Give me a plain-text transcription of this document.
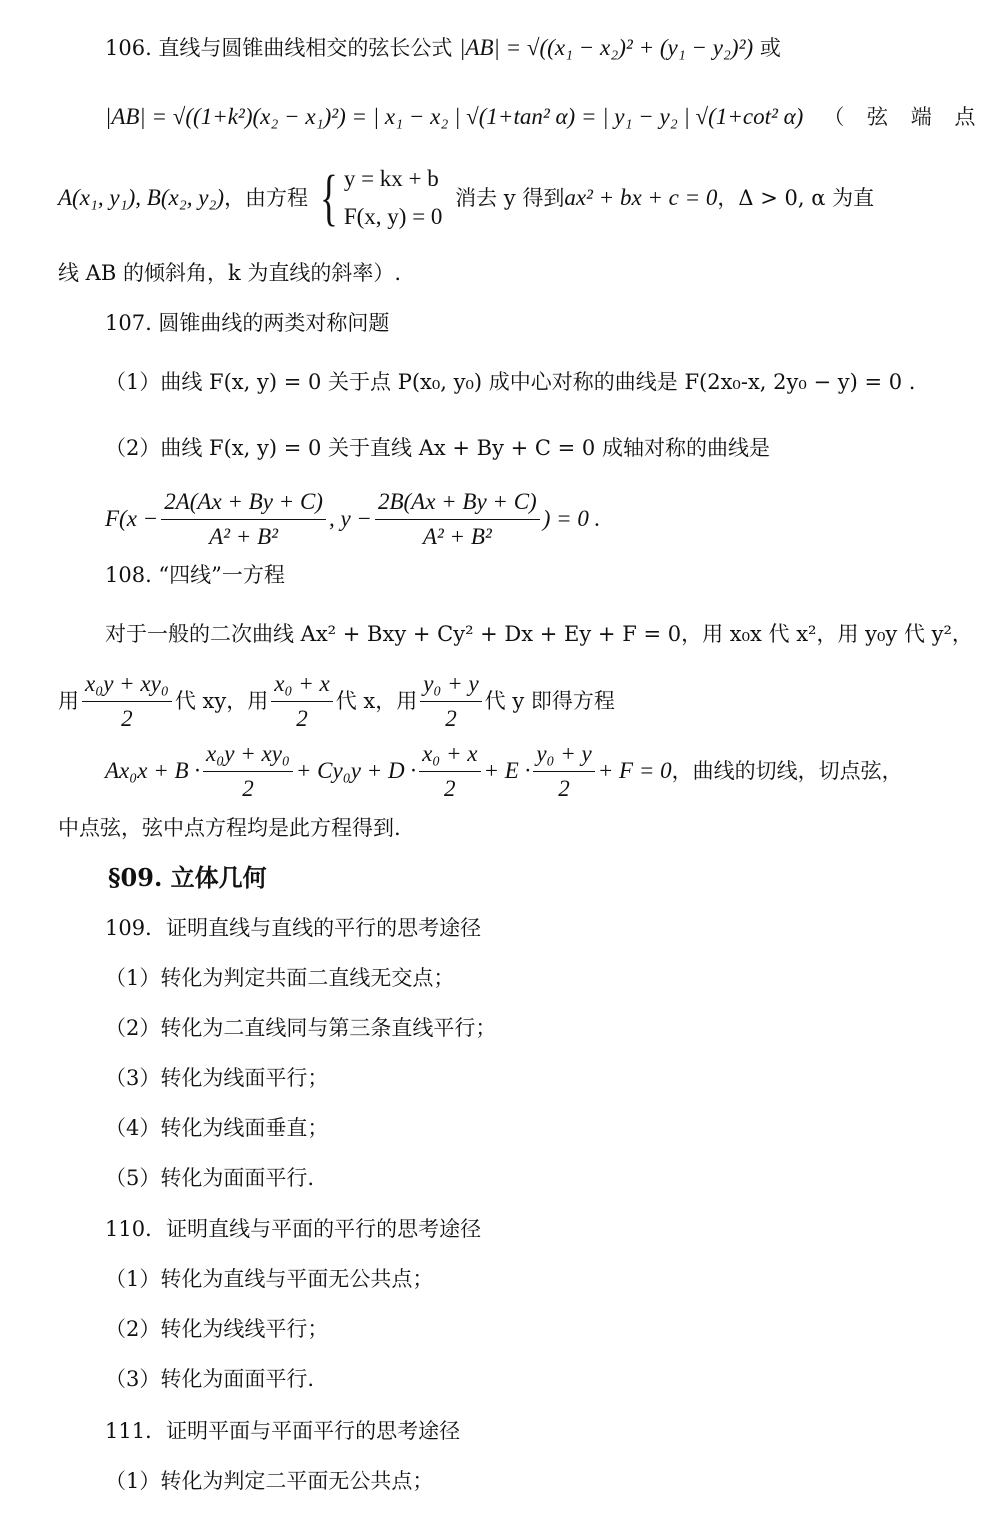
106. 直线与圆锥曲线相交的弦长公式
|AB| = √((x₁ − x₂)² + (y₁ − y₂)²)
或
|AB| = √((1+k²)(x₂ − x₁)²) = | x₁ − x₂ | √(1+tan² α) = | y₁ − y₂ | √(1+cot² α)
（ 弦 端 点
A(x₁, y₁), B(x₂, y₂) ，由方程 { y = kx + b
F(x, y) = 0

消去 y 得到 ax² + bx + c = 0 ，Δ > 0, α 为直
线 AB 的倾斜角，k 为直线的斜率）.
107. 圆锥曲线的两类对称问题
（1）曲线 F(x, y) = 0 关于点 P(x₀, y₀) 成中心对称的曲线是 F(2x₀-x, 2y₀ − y) = 0 .
（2）曲线 F(x, y) = 0 关于直线 Ax + By + C = 0 成轴对称的曲线是
$F(x - \frac{2A(Ax + By + C)}{\text{A² + B²}}$ , $y - \frac{2B(Ax + By + C)}{\text{A² + B²}}$ ) = 0 .
108. “四线”一方程
对于一般的二次曲线 Ax² + Bxy + Cy² + Dx + Ey + F = 0，用 x₀x 代 x²，用 y₀y 代 y²，
用 $\frac{\text{x₀y + xy₀}}{2}$ 代 xy，用 $\frac{\text{x₀ + x}}{2}$ 代 x，用 $\frac{\text{y₀ + y}}{2}$ 代 y 即得方程
$Ax_0x + B \cdot \frac{\text{x₀y + xy₀}}{2} + Cy_0y + D \cdot \frac{\text{x₀ + x}}{2} + E \cdot \frac{\text{y₀ + y}}{2} + F = 0$ ，曲线的切线，切点弦，
中点弦，弦中点方程均是此方程得到.
§09. 立体几何
109．证明直线与直线的平行的思考途径
（1）转化为判定共面二直线无交点；
（2）转化为二直线同与第三条直线平行；
（3）转化为线面平行；
（4）转化为线面垂直；
（5）转化为面面平行.
110．证明直线与平面的平行的思考途径
（1）转化为直线与平面无公共点；
（2）转化为线线平行；
（3）转化为面面平行.
111．证明平面与平面平行的思考途径
（1）转化为判定二平面无公共点；
